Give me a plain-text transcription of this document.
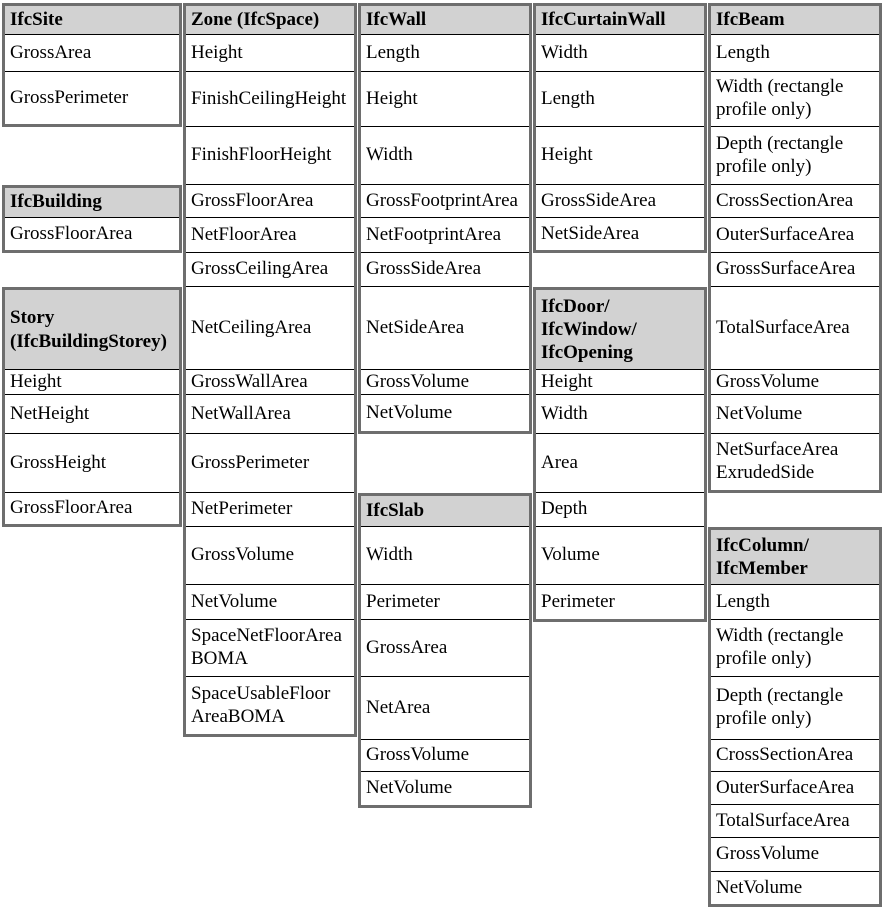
IfcSite
GrossArea
GrossPerimeter
IfcBuilding
GrossFloorArea
Story
(IfcBuildingStorey)
Height
NetHeight
GrossHeight
GrossFloorArea
Zone (IfcSpace)
Height
FinishCeilingHeight
FinishFloorHeight
GrossFloorArea
NetFloorArea
GrossCeilingArea
NetCeilingArea
GrossWallArea
NetWallArea
GrossPerimeter
NetPerimeter
GrossVolume
NetVolume
SpaceNetFloorArea BOMA
SpaceUsableFloor AreaBOMA
IfcWall
Length
Height
Width
GrossFootprintArea
NetFootprintArea
GrossSideArea
NetSideArea
GrossVolume
NetVolume
IfcSlab
Width
Perimeter
GrossArea
NetArea
GrossVolume
NetVolume
IfcCurtainWall
Width
Length
Height
GrossSideArea
NetSideArea
IfcDoor/
IfcWindow/
IfcOpening
Height
Width
Area
Depth
Volume
Perimeter
IfcBeam
Length
Width (rectangle profile only)
Depth (rectangle profile only)
CrossSectionArea
OuterSurfaceArea
GrossSurfaceArea
TotalSurfaceArea
GrossVolume
NetVolume
NetSurfaceArea ExrudedSide
IfcColumn/
IfcMember
Length
Width (rectangle profile only)
Depth (rectangle profile only)
CrossSectionArea
OuterSurfaceArea
TotalSurfaceArea
GrossVolume
NetVolume
